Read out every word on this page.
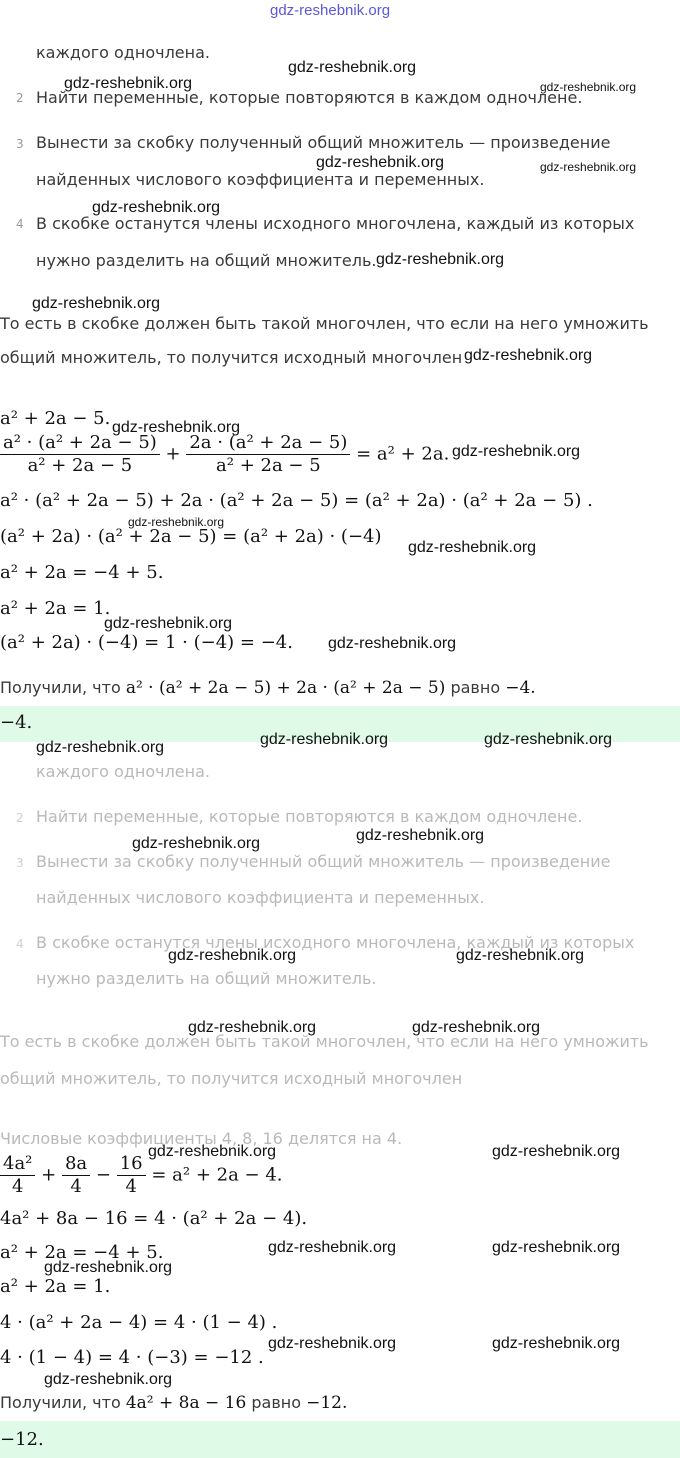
gdz-reshebnik.org
каждого одночлена.
2 Найти переменные, которые повторяются в каждом одночлене.
3 Вынести за скобку полученный общий множитель — произведение
найденных числового коэффициента и переменных.
4 В скобке останутся члены исходного многочлена, каждый из которых
нужно разделить на общий множитель.
То есть в скобке должен быть такой многочлен, что если на него умножить
общий множитель, то получится исходный многочлен
a² + 2a − 5.
$\frac{\text{a² · (a² + 2a − 5)}}{\text{a² + 2a − 5}} + \frac{\text{2a · (a² + 2a − 5)}}{\text{a² + 2a − 5}} = a^2 + 2a$.
a² · (a² + 2a − 5) + 2a · (a² + 2a − 5) = (a² + 2a) · (a² + 2a − 5) .
(a² + 2a) · (a² + 2a − 5) = (a² + 2a) · (−4)
a² + 2a = −4 + 5.
a² + 2a = 1.
(a² + 2a) · (−4) = 1 · (−4) = −4.
Получили, что a² · (a² + 2a − 5) + 2a · (a² + 2a − 5) равно −4.
−4.
каждого одночлена.
2 Найти переменные, которые повторяются в каждом одночлене.
3 Вынести за скобку полученный общий множитель — произведение
найденных числового коэффициента и переменных.
4 В скобке останутся члены исходного многочлена, каждый из которых
нужно разделить на общий множитель.
То есть в скобке должен быть такой многочлен, что если на него умножить
общий множитель, то получится исходный многочлен
Числовые коэффициенты 4, 8, 16 делятся на 4.
$\frac{\text{4a²}}{4} + \frac{8a}{4} - \frac{16}{4} = a^2 + 2a - 4$.
4a² + 8a − 16 = 4 · (a² + 2a − 4).
a² + 2a = −4 + 5.
a² + 2a = 1.
4 · (a² + 2a − 4) = 4 · (1 − 4) .
4 · (1 − 4) = 4 · (−3) = −12 .
Получили, что 4a² + 8a − 16 равно −12.
−12.
gdz-reshebnik.org
gdz-reshebnik.org	gdz-reshebnik.org
gdz-reshebnik.org	gdz-reshebnik.org
gdz-reshebnik.org
gdz-reshebnik.org
gdz-reshebnik.org
gdz-reshebnik.org
gdz-reshebnik.org
gdz-reshebnik.org
gdz-reshebnik.org
gdz-reshebnik.org
gdz-reshebnik.org
gdz-reshebnik.org
gdz-reshebnik.org	gdz-reshebnik.org
gdz-reshebnik.org
gdz-reshebnik.org
gdz-reshebnik.org
gdz-reshebnik.org	gdz-reshebnik.org
gdz-reshebnik.org	gdz-reshebnik.org
gdz-reshebnik.org	gdz-reshebnik.org
gdz-reshebnik.org	gdz-reshebnik.org
gdz-reshebnik.org
gdz-reshebnik.org	gdz-reshebnik.org
gdz-reshebnik.org
